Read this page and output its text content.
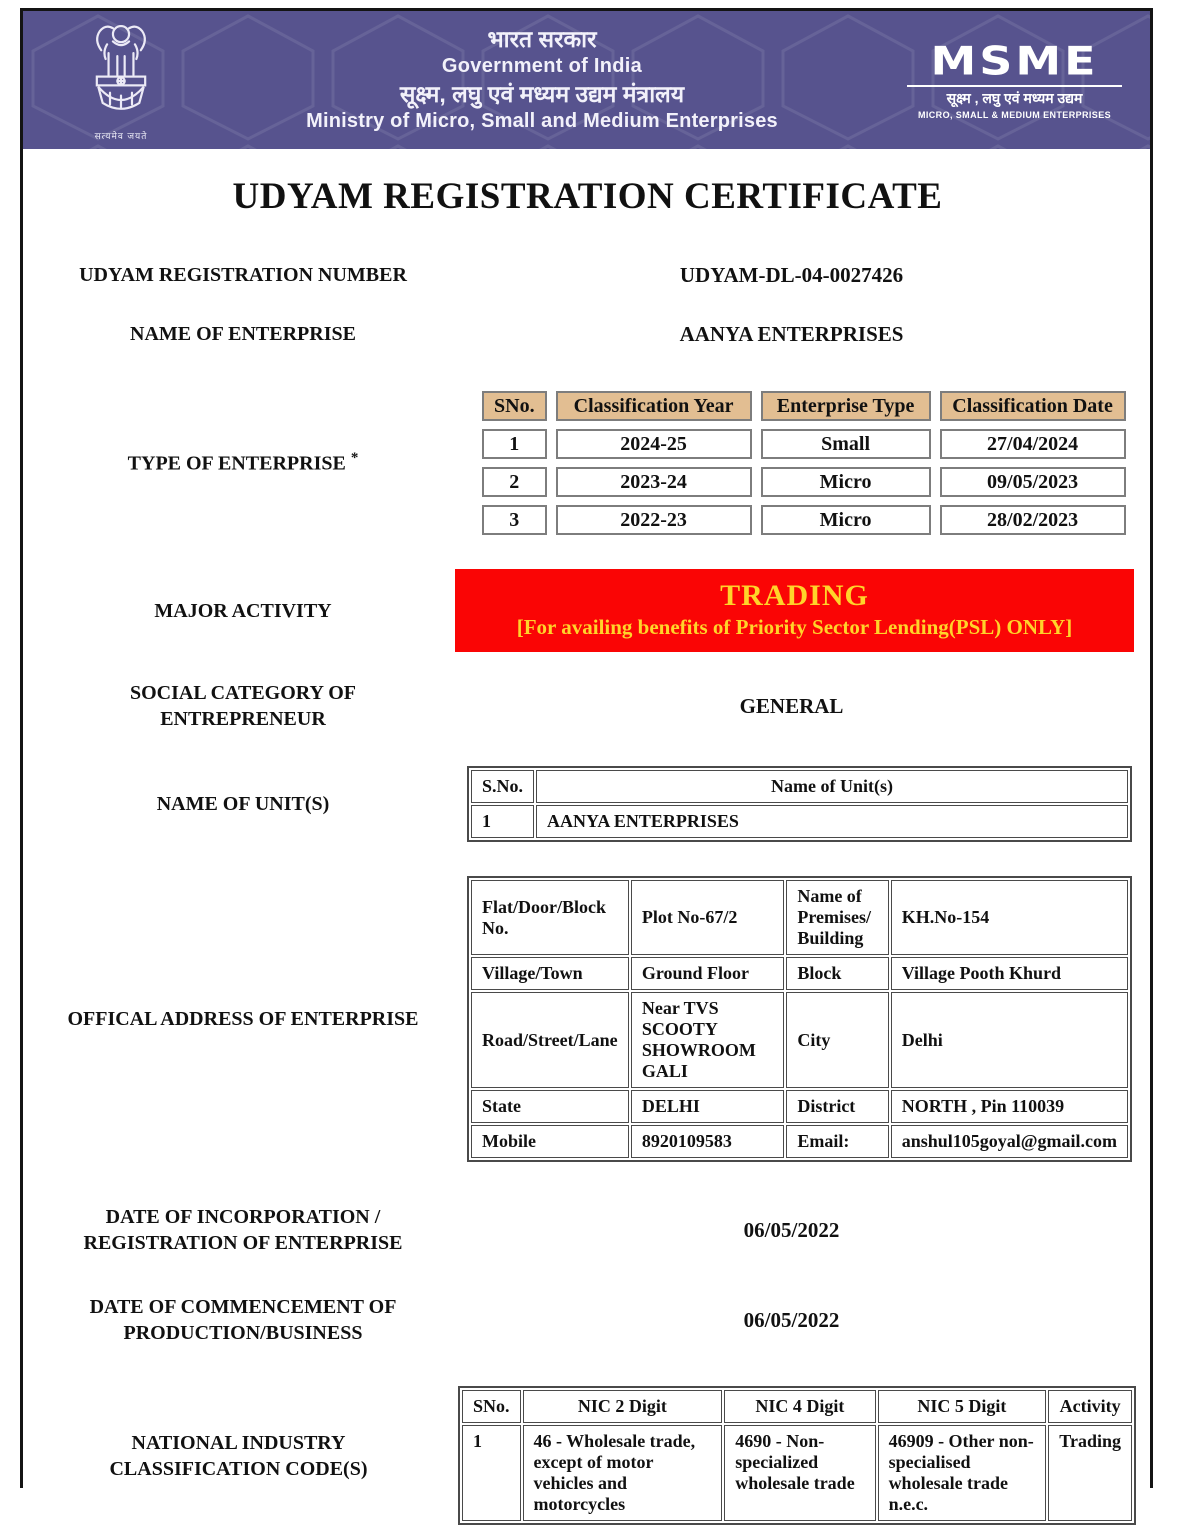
सत्यमेव जयते
भारत सरकार
Government of India
सूक्ष्म, लघु एवं मध्यम उद्यम मंत्रालय
Ministry of Micro, Small and Medium Enterprises
MSME
सूक्ष्म , लघु एवं मध्यम उद्यम
MICRO, SMALL & MEDIUM ENTERPRISES
UDYAM REGISTRATION CERTIFICATE
UDYAM REGISTRATION NUMBER	UDYAM-DL-04-0027426
NAME OF ENTERPRISE	AANYA ENTERPRISES
TYPE OF ENTERPRISE *
SNo.	Classification Year	Enterprise Type	Classification Date
1	2024-25	Small	27/04/2024
2	2023-24	Micro	09/05/2023
3	2022-23	Micro	28/02/2023
MAJOR ACTIVITY	TRADING
[For availing benefits of Priority Sector Lending(PSL) ONLY]
SOCIAL CATEGORY OF
ENTREPRENEUR
GENERAL
NAME OF UNIT(S)
S.No.	Name of Unit(s)
1	AANYA ENTERPRISES
OFFICAL ADDRESS OF ENTERPRISE
Flat/Door/Block No.	Plot No-67/2	Name of Premises/ Building	KH.No-154
Village/Town	Ground Floor	Block	Village Pooth Khurd
Road/Street/Lane	Near TVS SCOOTY SHOWROOM GALI	City	Delhi
State	DELHI	District	NORTH , Pin 110039
Mobile	8920109583	Email:	anshul105goyal@gmail.com
DATE OF INCORPORATION /
REGISTRATION OF ENTERPRISE
06/05/2022
DATE OF COMMENCEMENT OF
PRODUCTION/BUSINESS
06/05/2022
NATIONAL INDUSTRY
CLASSIFICATION CODE(S)
SNo.	NIC 2 Digit	NIC 4 Digit	NIC 5 Digit	Activity
1	46 - Wholesale trade, except of motor vehicles and motorcycles	4690 - Non-specialized wholesale trade	46909 - Other non-specialised wholesale trade n.e.c.	Trading
